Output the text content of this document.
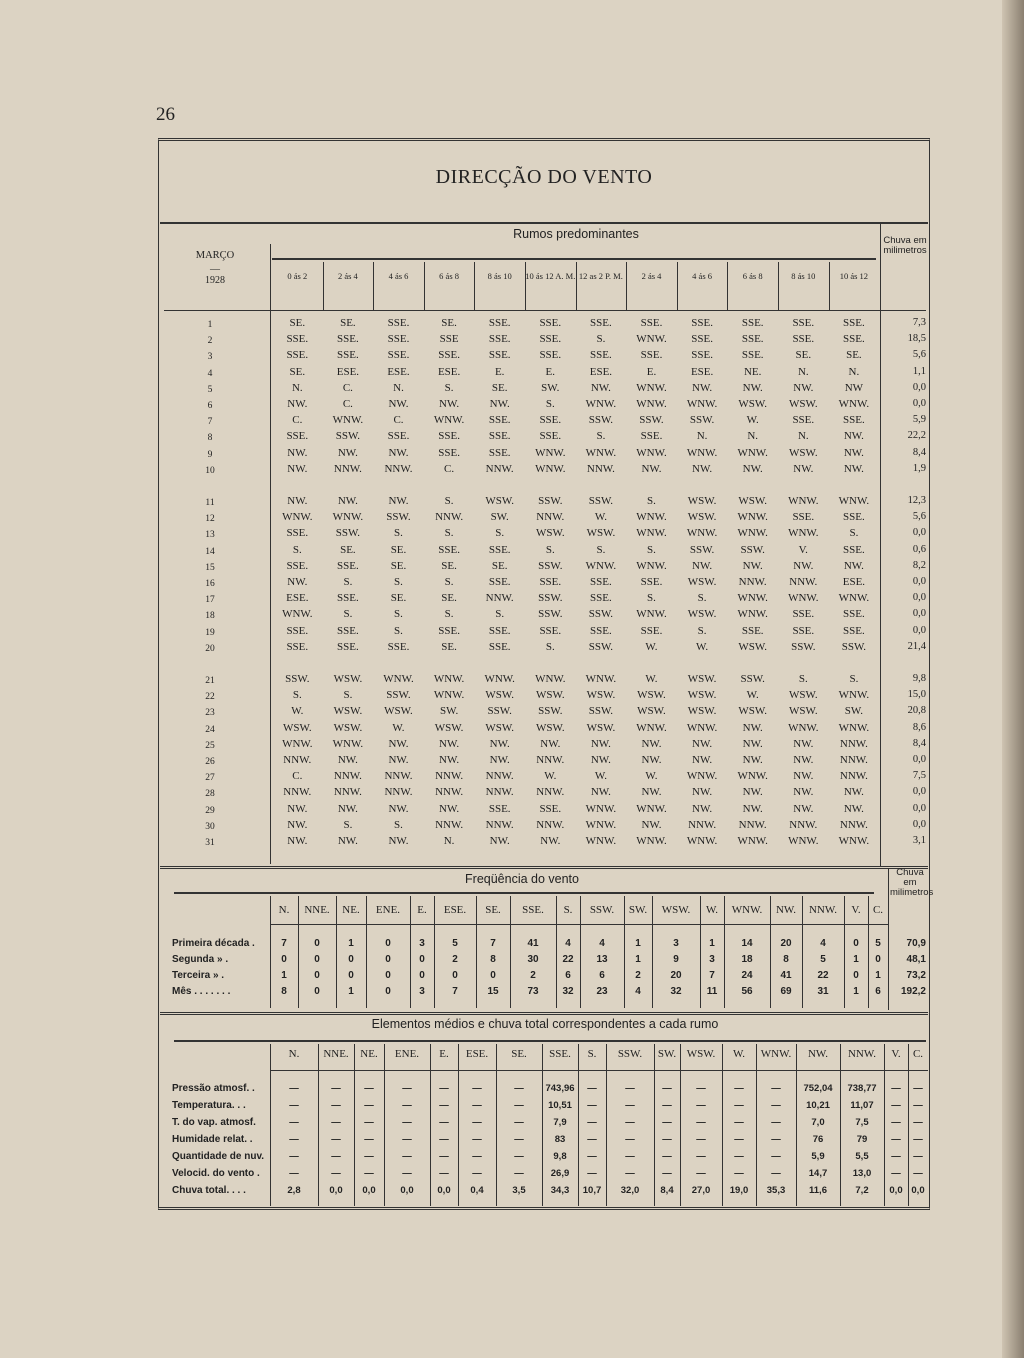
26
DIRECÇÃO DO VENTO
Rumos predominantes
MARÇO
—
1928
Chuva em milimetros
0 ás 2	2 ás 4	4 ás 6	6 ás 8	8 ás 10	10 ás 12 A. M. 12 as 2 P. M.	2 ás 4	4 ás 6	6 ás 8	8 ás 10	10 ás 12
1	SE.	SE.	SSE.	SE.	SSE.	SSE.	SSE.	SSE.	SSE.	SSE.	SSE.	SSE.	7,3
2	SSE.	SSE.	SSE.	SSE	SSE.	SSE.	S.	WNW.	SSE.	SSE.	SSE.	SSE.	18,5
3	SSE.	SSE.	SSE.	SSE.	SSE.	SSE.	SSE.	SSE.	SSE.	SSE.	SE.	SE.	5,6
4	SE.	ESE.	ESE.	ESE.	E.	E.	ESE.	E.	ESE.	NE.	N.	N.	1,1
5	N.	C.	N.	S.	SE.	SW.	NW.	WNW.	NW.	NW.	NW.	NW	0,0
6	NW.	C.	NW.	NW.	NW.	S.	WNW.	WNW.	WNW.	WSW.	WSW.	WNW.	0,0
7	C.	WNW.	C.	WNW.	SSE.	SSE.	SSW.	SSW.	SSW.	W.	SSE.	SSE.	5,9
8	SSE.	SSW.	SSE.	SSE.	SSE.	SSE.	S.	SSE.	N.	N.	N.	NW.	22,2
9	NW.	NW.	NW.	SSE.	SSE.	WNW.	WNW.	WNW.	WNW.	WNW.	WSW.	NW.	8,4
10	NW.	NNW.	NNW.	C.	NNW.	WNW.	NNW.	NW.	NW.	NW.	NW.	NW.	1,9
11	NW.	NW.	NW.	S.	WSW.	SSW.	SSW.	S.	WSW.	WSW.	WNW.	WNW.	12,3
12	WNW.	WNW.	SSW.	NNW.	SW.	NNW.	W.	WNW.	WSW.	WNW.	SSE.	SSE.	5,6
13	SSE.	SSW.	S.	S.	S.	WSW.	WSW.	WNW.	WNW.	WNW.	WNW.	S.	0,0
14	S.	SE.	SE.	SSE.	SSE.	S.	S.	S.	SSW.	SSW.	V.	SSE.	0,6
15	SSE.	SSE.	SE.	SE.	SE.	SSW.	WNW.	WNW.	NW.	NW.	NW.	NW.	8,2
16	NW.	S.	S.	S.	SSE.	SSE.	SSE.	SSE.	WSW.	NNW.	NNW.	ESE.	0,0
17	ESE.	SSE.	SE.	SE.	NNW.	SSW.	SSE.	S.	S.	WNW.	WNW.	WNW.	0,0
18	WNW.	S.	S.	S.	S.	SSW.	SSW.	WNW.	WSW.	WNW.	SSE.	SSE.	0,0
19	SSE.	SSE.	S.	SSE.	SSE.	SSE.	SSE.	SSE.	S.	SSE.	SSE.	SSE.	0,0
20	SSE.	SSE.	SSE.	SE.	SSE.	S.	SSW.	W.	W.	WSW.	SSW.	SSW.	21,4
21	SSW.	WSW.	WNW.	WNW.	WNW.	WNW.	WNW.	W.	WSW.	SSW.	S.	S.	9,8
22	S.	S.	SSW.	WNW.	WSW.	WSW.	WSW.	WSW.	WSW.	W.	WSW.	WNW.	15,0
23	W.	WSW.	WSW.	SW.	SSW.	SSW.	SSW.	WSW.	WSW.	WSW.	WSW.	SW.	20,8
24	WSW.	WSW.	W.	WSW.	WSW.	WSW.	WSW.	WNW.	WNW.	NW.	WNW.	WNW.	8,6
25	WNW.	WNW.	NW.	NW.	NW.	NW.	NW.	NW.	NW.	NW.	NW.	NNW.	8,4
26	NNW.	NW.	NW.	NW.	NW.	NNW.	NW.	NW.	NW.	NW.	NW.	NNW.	0,0
27	C.	NNW.	NNW.	NNW.	NNW.	W.	W.	W.	WNW.	WNW.	NW.	NNW.	7,5
28	NNW.	NNW.	NNW.	NNW.	NNW.	NNW.	NW.	NW.	NW.	NW.	NW.	NW.	0,0
29	NW.	NW.	NW.	NW.	SSE.	SSE.	WNW.	WNW.	NW.	NW.	NW.	NW.	0,0
30	NW.	S.	S.	NNW.	NNW.	NNW.	WNW.	NW.	NNW.	NNW.	NNW.	NNW.	0,0
31	NW.	NW.	NW.	N.	NW.	NW.	WNW.	WNW.	WNW.	WNW.	WNW.	WNW.	3,1
Freqüência do vento	Chuva em milimetros
N.	NNE.	NE.	ENE.	E.	ESE.	SE.	SSE.	S.	SSW.	SW.	WSW.	W.	WNW.	NW.	NNW.	V.	C.
Primeira década .	7	0	1	0	3	5	7	41	4	4	1	3	1	14	20	4	0	5	70,9
Segunda » .	0	0	0	0	0	2	8	30	22	13	1	9	3	18	8	5	1	0	48,1
Terceira » .	1	0	0	0	0	0	0	2	6	6	2	20	7	24	41	22	0	1	73,2
Mês . . . . . . .	8	0	1	0	3	7	15	73	32	23	4	32	11	56	69	31	1	6	192,2
Elementos médios e chuva total correspondentes a cada rumo
N.	NNE.	NE.	ENE.	E.	ESE.	SE.	SSE.	S.	SSW.	SW. WSW.	W.	WNW.	NW.	NNW.	V.	C.
Pressão atmosf. .	—	—	—	—	—	—	—	743,96	—	—	—	—	—	—	752,04	738,77	—	—
Temperatura. . .	—	—	—	—	—	—	—	10,51	—	—	—	—	—	—	10,21	11,07	—	—
T. do vap. atmosf.	—	—	—	—	—	—	—	7,9	—	—	—	—	—	—	7,0	7,5	—	—
Humidade relat. .	—	—	—	—	—	—	—	83	—	—	—	—	—	—	76	79	—	—
Quantidade de nuv.	—	—	—	—	—	—	—	9,8	—	—	—	—	—	—	5,9	5,5	—	—
Velocid. do vento .	—	—	—	—	—	—	—	26,9	—	—	—	—	—	—	14,7	13,0	—	—
Chuva total. . . .	2,8	0,0	0,0	0,0	0,0	0,4	3,5	34,3	10,7	32,0	8,4	27,0	19,0	35,3	11,6	7,2	0,0 0,0
